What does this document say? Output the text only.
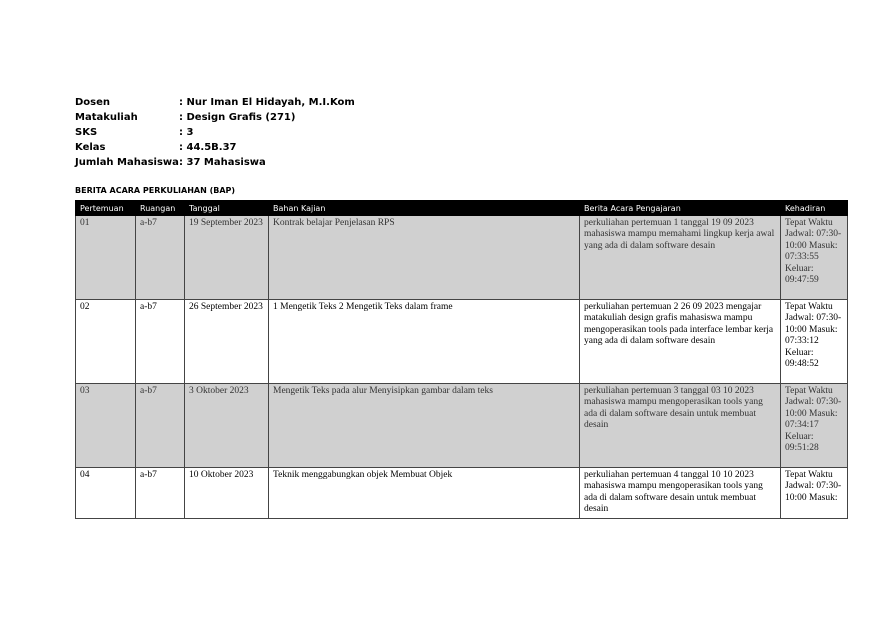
Dosen	: Nur Iman El Hidayah, M.I.Kom
Matakuliah	: Design Grafis (271)
SKS	: 3
Kelas	: 44.5B.37
Jumlah Mahasiswa : 37 Mahasiswa
BERITA ACARA PERKULIAHAN (BAP)
Pertemuan	Ruangan	Tanggal	Bahan Kajian	Berita Acara Pengajaran	Kehadiran
01	a-b7	19 September 2023	Kontrak belajar Penjelasan RPS	perkuliahan pertemuan 1 tanggal 19 09 2023 mahasiswa mampu memahami lingkup kerja awal yang ada di dalam software desain	Tepat Waktu Jadwal: 07:30-10:00 Masuk: 07:33:55 Keluar: 09:47:59
02	a-b7	26 September 2023	1 Mengetik Teks 2 Mengetik Teks dalam frame	perkuliahan pertemuan 2 26 09 2023 mengajar matakuliah design grafis mahasiswa mampu mengoperasikan tools pada interface lembar kerja yang ada di dalam software desain	Tepat Waktu Jadwal: 07:30-10:00 Masuk: 07:33:12 Keluar: 09:48:52
03	a-b7	3 Oktober 2023	Mengetik Teks pada alur Menyisipkan gambar dalam teks	perkuliahan pertemuan 3 tanggal 03 10 2023 mahasiswa mampu mengoperasikan tools yang ada di dalam software desain untuk membuat desain	Tepat Waktu Jadwal: 07:30-10:00 Masuk: 07:34:17 Keluar: 09:51:28
04	a-b7	10 Oktober 2023	Teknik menggabungkan objek Membuat Objek	perkuliahan pertemuan 4 tanggal 10 10 2023 mahasiswa mampu mengoperasikan tools yang ada di dalam software desain untuk membuat desain	Tepat Waktu Jadwal: 07:30-10:00 Masuk:
